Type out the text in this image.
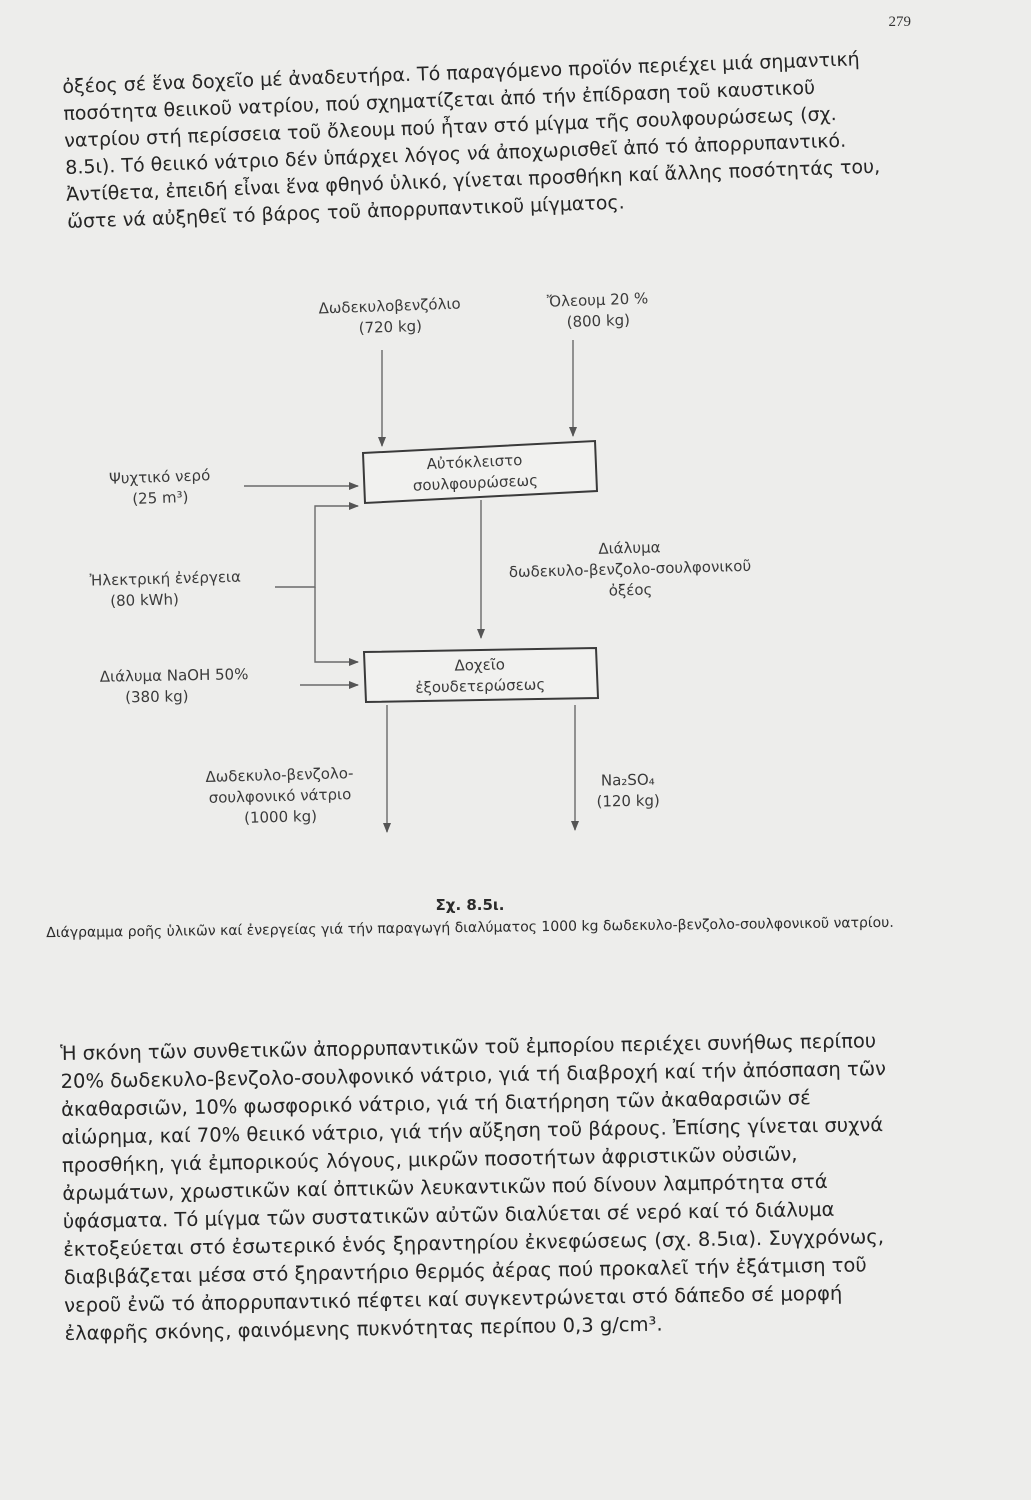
279

ὀξέος σέ ἕνα δοχεῖο μέ ἀναδευτήρα. Τό παραγόμενο προϊόν περιέχει μιά σημαντική ποσότητα θειικοῦ νατρίου, πού σχηματίζεται ἀπό τήν ἐπίδραση τοῦ καυστικοῦ νατρίου στή περίσσεια τοῦ ὄλεουμ πού ἦταν στό μίγμα τῆς σουλφουρώσεως (σχ. 8.5ι). Τό θειικό νάτριο δέν ὑπάρχει λόγος νά ἀποχωρισθεῖ ἀπό τό ἀπορρυπαντικό. Ἀντίθετα, ἐπειδή εἶναι ἕνα φθηνό ὑλικό, γίνεται προσθήκη καί ἄλλης ποσότητάς του, ὥστε νά αὐξηθεῖ τό βάρος τοῦ ἀπορρυπαντικοῦ μίγματος.

Δωδεκυλοβενζόλιο
(720 kg)
Ὄλεουμ 20 %
(800 kg)
Αὐτόκλειστο
σουλφουρώσεως
Ψυχτικό νερό
(25 m³)
Διάλυμα
δωδεκυλο-βενζολο-σουλφονικοῦ
ὀξέος
Ἠλεκτρική ἐνέργεια
(80 kWh)
Δοχεῖο
ἐξουδετερώσεως
Διάλυμα NaOH 50%
(380 kg)
Δωδεκυλο-βενζολο-
σουλφονικό νάτριο
(1000 kg)
Na₂SO₄
(120 kg)
Σχ. 8.5ι.
Διάγραμμα ροῆς ὑλικῶν καί ἐνεργείας γιά τήν παραγωγή διαλύματος 1000 kg δωδεκυλο-βενζολο-σουλφονικοῦ νατρίου.

Ἡ σκόνη τῶν συνθετικῶν ἀπορρυπαντικῶν τοῦ ἐμπορίου περιέχει συνήθως περίπου 20% δωδεκυλο-βενζολο-σουλφονικό νάτριο, γιά τή διαβροχή καί τήν ἀπόσπαση τῶν ἀκαθαρσιῶν, 10% φωσφορικό νάτριο, γιά τή διατήρηση τῶν ἀκαθαρσιῶν σέ αἰώρημα, καί 70% θειικό νάτριο, γιά τήν αὔξηση τοῦ βάρους. Ἐπίσης γίνεται συχνά προσθήκη, γιά ἐμπορικούς λόγους, μικρῶν ποσοτήτων ἀφριστικῶν οὐσιῶν, ἀρωμάτων, χρωστικῶν καί ὀπτικῶν λευκαντικῶν πού δίνουν λαμπρότητα στά ὑφάσματα. Τό μίγμα τῶν συστατικῶν αὐτῶν διαλύεται σέ νερό καί τό διάλυμα ἐκτοξεύεται στό ἐσωτερικό ἑνός ξηραντηρίου ἐκνεφώσεως (σχ. 8.5ια). Συγχρόνως, διαβιβάζεται μέσα στό ξηραντήριο θερμός ἀέρας πού προκαλεῖ τήν ἐξάτμιση τοῦ νεροῦ ἐνῶ τό ἀπορρυπαντικό πέφτει καί συγκεντρώνεται στό δάπεδο σέ μορφή ἐλαφρῆς σκόνης, φαινόμενης πυκνότητας περίπου 0,3 g/cm³.
